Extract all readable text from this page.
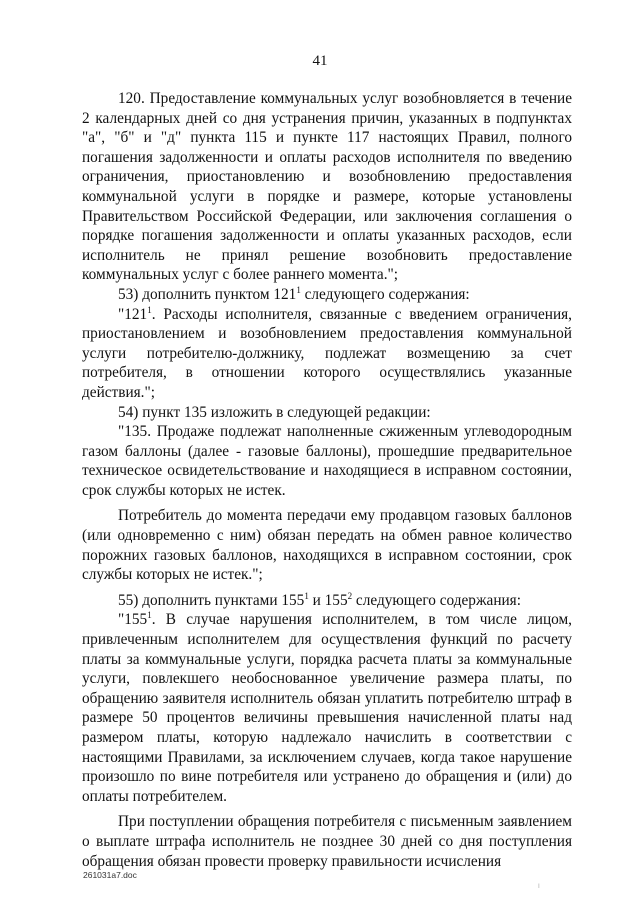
41

120. Предоставление коммунальных услуг возобновляется в течение 2 календарных дней со дня устранения причин, указанных в подпунктах "а", "б" и "д" пункта 115 и пункте 117 настоящих Правил, полного погашения задолженности и оплаты расходов исполнителя по введению ограничения, приостановлению и возобновлению предоставления коммунальной услуги в порядке и размере, которые установлены Правительством Российской Федерации, или заключения соглашения о порядке погашения задолженности и оплаты указанных расходов, если исполнитель не принял решение возобновить предоставление коммунальных услуг с более раннего момента.";

53) дополнить пунктом $121^1$ следующего содержания:

"$121^1$. Расходы исполнителя, связанные с введением ограничения, приостановлением и возобновлением предоставления коммунальной услуги потребителю-должнику, подлежат возмещению за счет потребителя, в отношении которого осуществлялись указанные действия.";

54) пункт 135 изложить в следующей редакции:

"135. Продаже подлежат наполненные сжиженным углеводородным газом баллоны (далее - газовые баллоны), прошедшие предварительное техническое освидетельствование и находящиеся в исправном состоянии, срок службы которых не истек.

Потребитель до момента передачи ему продавцом газовых баллонов (или одновременно с ним) обязан передать на обмен равное количество порожних газовых баллонов, находящихся в исправном состоянии, срок службы которых не истек.";

55) дополнить пунктами $155^1$ и $155^2$ следующего содержания:

"$155^1$. В случае нарушения исполнителем, в том числе лицом, привлеченным исполнителем для осуществления функций по расчету платы за коммунальные услуги, порядка расчета платы за коммунальные услуги, повлекшего необоснованное увеличение размера платы, по обращению заявителя исполнитель обязан уплатить потребителю штраф в размере 50 процентов величины превышения начисленной платы над размером платы, которую надлежало начислить в соответствии с настоящими Правилами, за исключением случаев, когда такое нарушение произошло по вине потребителя или устранено до обращения и (или) до оплаты потребителем.

При поступлении обращения потребителя с письменным заявлением о выплате штрафа исполнитель не позднее 30 дней со дня поступления обращения обязан провести проверку правильности исчисления

261031a7.doc
Ⅰ
